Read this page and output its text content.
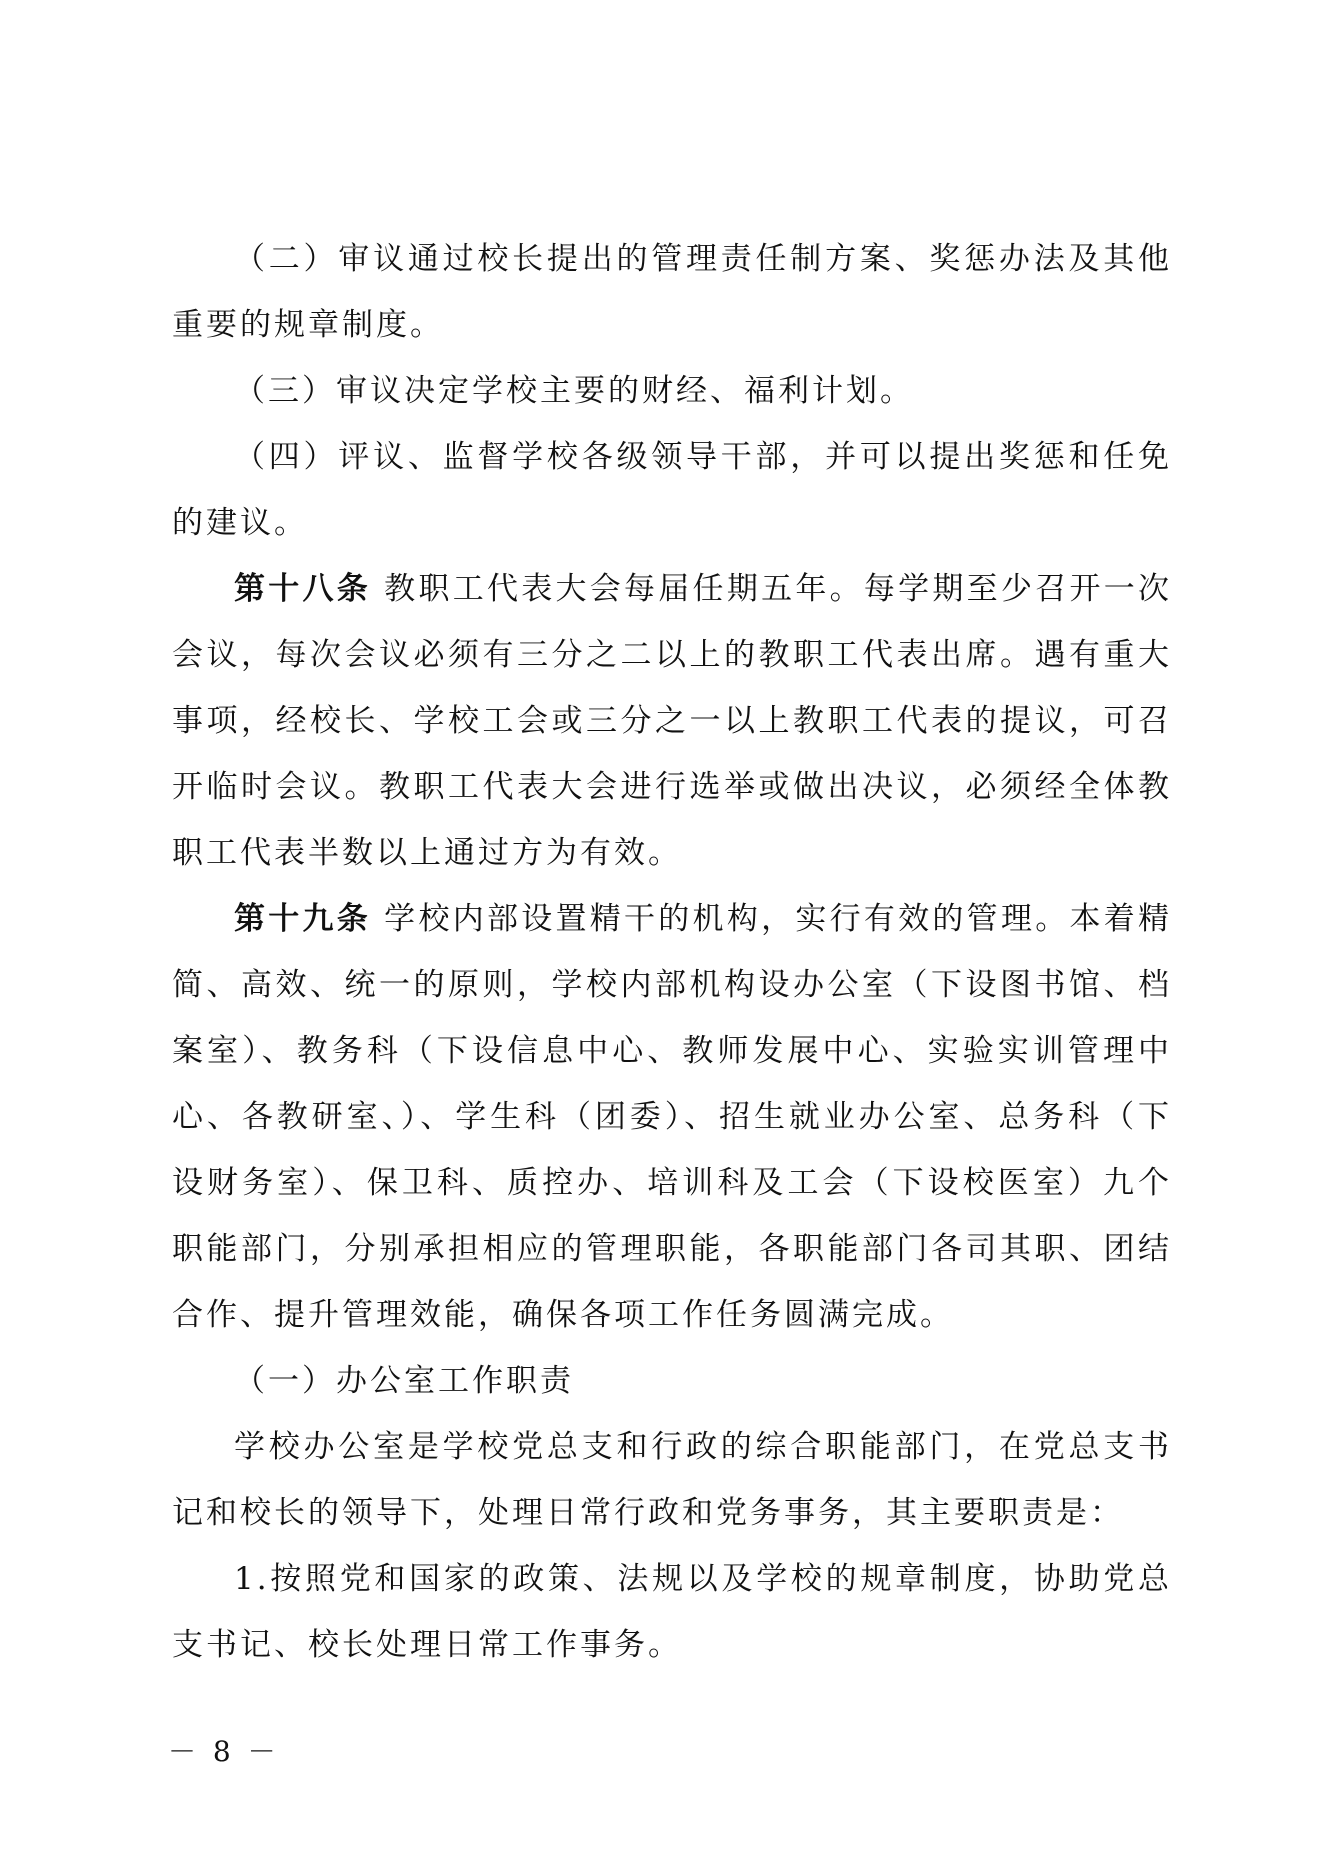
（二）审议通过校长提出的管理责任制方案、奖惩办法及其他重要的规章制度。

（三）审议决定学校主要的财经、福利计划。

（四）评议、监督学校各级领导干部，并可以提出奖惩和任免的建议。

第十八条 教职工代表大会每届任期五年。每学期至少召开一次会议，每次会议必须有三分之二以上的教职工代表出席。遇有重大事项，经校长、学校工会或三分之一以上教职工代表的提议，可召开临时会议。教职工代表大会进行选举或做出决议，必须经全体教职工代表半数以上通过方为有效。

第十九条 学校内部设置精干的机构，实行有效的管理。本着精简、高效、统一的原则，学校内部机构设办公室（下设图书馆、档案室）、教务科（下设信息中心、教师发展中心、实验实训管理中心、各教研室、）、学生科（团委）、招生就业办公室、总务科（下设财务室）、保卫科、质控办、培训科及工会（下设校医室）九个职能部门，分别承担相应的管理职能，各职能部门各司其职、团结合作、提升管理效能，确保各项工作任务圆满完成。

（一）办公室工作职责

学校办公室是学校党总支和行政的综合职能部门，在党总支书记和校长的领导下，处理日常行政和党务事务，其主要职责是：

1.按照党和国家的政策、法规以及学校的规章制度，协助党总支书记、校长处理日常工作事务。

－ 8 －
